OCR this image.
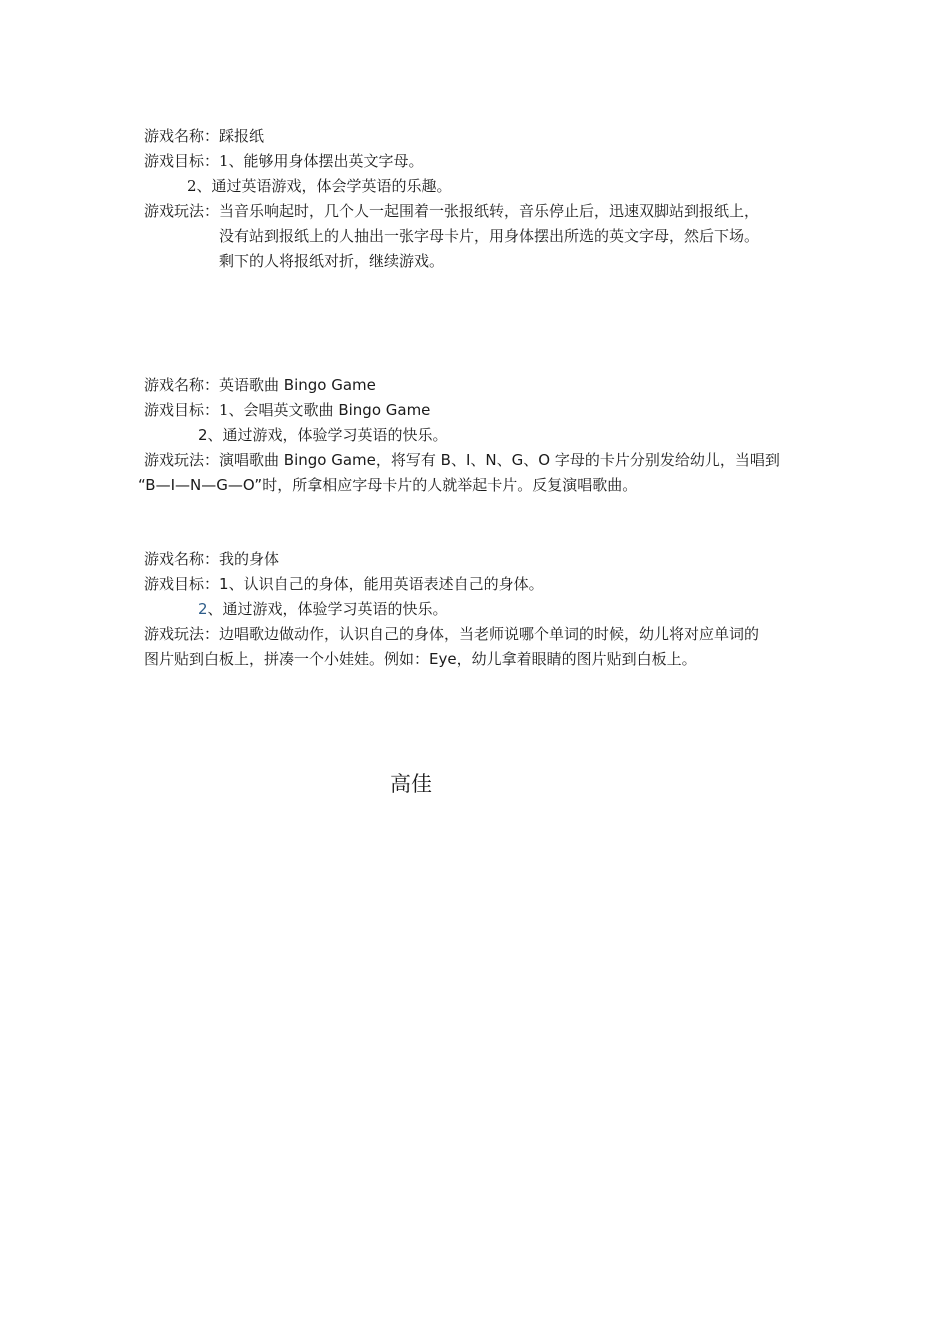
游戏名称：踩报纸
游戏目标：1、能够用身体摆出英文字母。
2、通过英语游戏，体会学英语的乐趣。
游戏玩法：当音乐响起时，几个人一起围着一张报纸转，音乐停止后，迅速双脚站到报纸上，
没有站到报纸上的人抽出一张字母卡片，用身体摆出所选的英文字母，然后下场。
剩下的人将报纸对折，继续游戏。
游戏名称：英语歌曲 Bingo Game
游戏目标：1、会唱英文歌曲 Bingo Game
2、通过游戏，体验学习英语的快乐。
游戏玩法：演唱歌曲 Bingo Game，将写有 B、I、N、G、O 字母的卡片分别发给幼儿，当唱到
“B—I—N—G—O”时，所拿相应字母卡片的人就举起卡片。反复演唱歌曲。
游戏名称：我的身体
游戏目标：1、认识自己的身体，能用英语表述自己的身体。
2、通过游戏，体验学习英语的快乐。
游戏玩法：边唱歌边做动作，认识自己的身体，当老师说哪个单词的时候，幼儿将对应单词的
图片贴到白板上，拼凑一个小娃娃。例如：Eye，幼儿拿着眼睛的图片贴到白板上。
高佳
